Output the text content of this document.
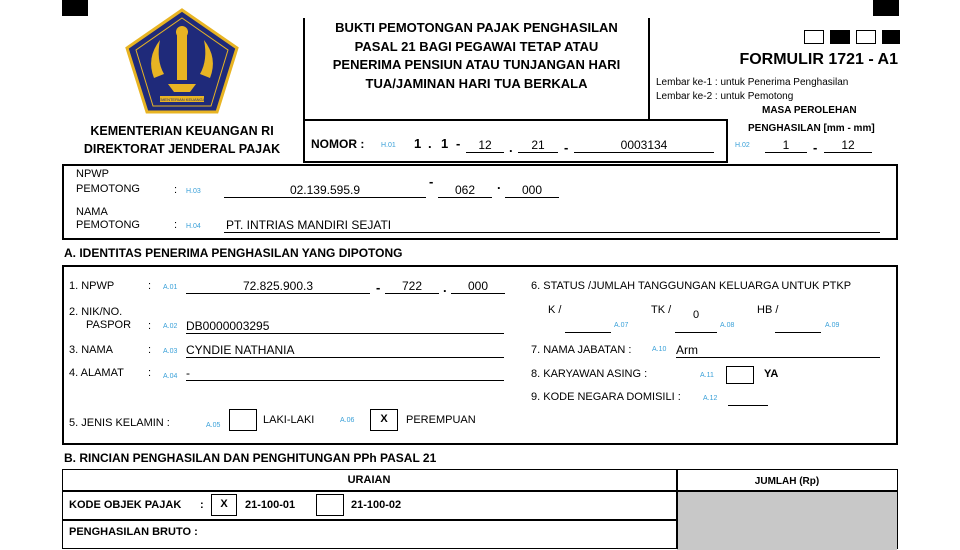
KEMENTERIAN KEUANGAN
KEMENTERIAN KEUANGAN RI
DIREKTORAT JENDERAL PAJAK
BUKTI PEMOTONGAN PAJAK PENGHASILAN
PASAL 21 BAGI PEGAWAI TETAP ATAU
PENERIMA PENSIUN ATAU TUNJANGAN HARI
TUA/JAMINAN HARI TUA BERKALA
FORMULIR 1721 - A1
Lembar ke-1 : untuk Penerima Penghasilan
Lembar ke-2 : untuk Pemotong
MASA PEROLEHAN
PENGHASILAN [mm - mm]
NOMOR : H.01 1 . 1 -	12	.	21	-	0003134	H.02	1	-	12
NPWP
PEMOTONG	: H.03	02.139.595.9
-
062	.	000
NAMA
PEMOTONG	: H.04 PT. INTRIAS MANDIRI SEJATI
A. IDENTITAS PENERIMA PENGHASILAN YANG DIPOTONG
1. NPWP	: A.01	72.825.900.3	-	722	.	000
2. NIK/NO.
PASPOR : A.02 DB0000003295
3. NAMA	: A.03 CYNDIE NATHANIA
4. ALAMAT : A.04 -
5. JENIS KELAMIN :	A.05	LAKI-LAKI	A.06	X	PEREMPUAN
6. STATUS /JUMLAH TANGGUNGAN KELUARGA UNTUK PTKP
K /
A.07
TK /	0
A.08
HB /
A.09
7. NAMA JABATAN :	A.10 Arm
8. KARYAWAN ASING :	A.11	YA
9. KODE NEGARA DOMISILI :	A.12
B. RINCIAN PENGHASILAN DAN PENGHITUNGAN PPh PASAL 21
URAIAN	JUMLAH (Rp)
KODE OBJEK PAJAK :	X	21-100-01	21-100-02
PENGHASILAN BRUTO :
